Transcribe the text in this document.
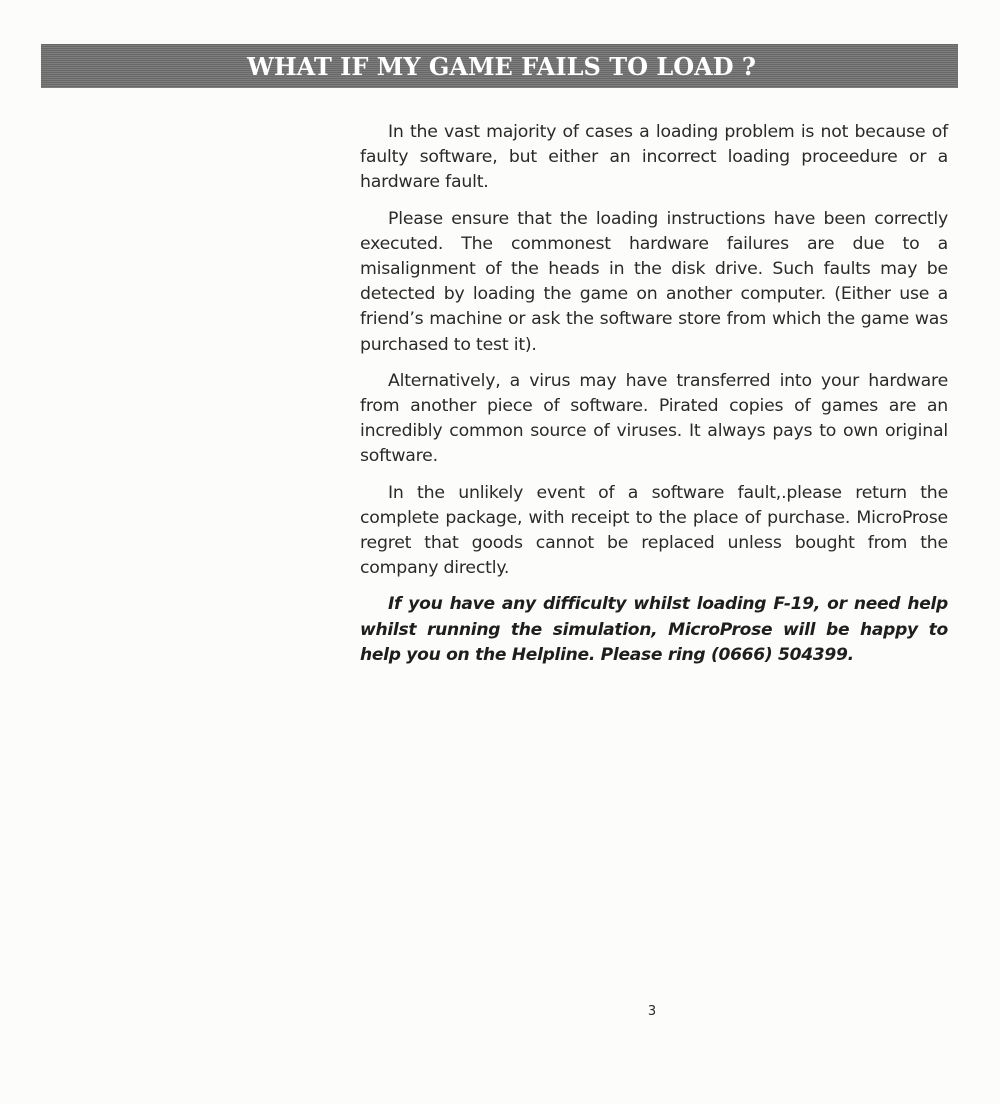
WHAT IF MY GAME FAILS TO LOAD ?

In the vast majority of cases a loading problem is not because of faulty software, but either an incorrect loading proceedure or a hardware fault.

Please ensure that the loading instructions have been correctly executed. The commonest hardware failures are due to a misalignment of the heads in the disk drive. Such faults may be detected by loading the game on another computer. (Either use a friend’s machine or ask the software store from which the game was purchased to test it).

Alternatively, a virus may have transferred into your hardware from another piece of software. Pirated copies of games are an incredibly common source of viruses. It always pays to own original software.

In the unlikely event of a software fault,.please return the complete package, with receipt to the place of purchase. MicroProse regret that goods cannot be replaced unless bought from the company directly.

If you have any difficulty whilst loading F-19, or need help whilst running the simulation, MicroProse will be happy to help you on the Helpline. Please ring (0666) 504399.

3
